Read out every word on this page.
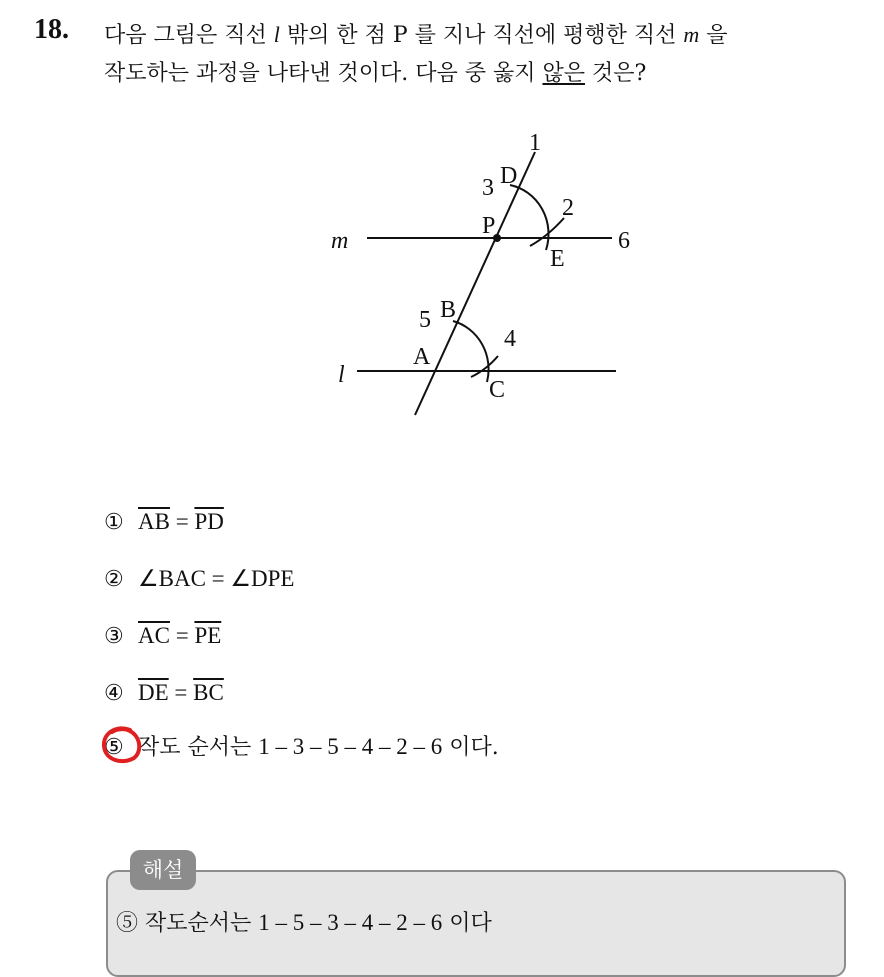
18. 다음 그림은 직선 l 밖의 한 점 P 를 지나 직선에 평행한 직선 m 을
작도하는 과정을 나타낸 것이다. 다음 중 옳지 않은 것은?
m
l
P
D
E
A
B
C
1
2
3
4
5
6
① $\overline{AB} = \overline{PD}$
② ∠BAC = ∠DPE
③ $\overline{AC} = \overline{PE}$
④ $\overline{DE} = \overline{BC}$
⑤ 작도 순서는 1 – 3 – 5 – 4 – 2 – 6 이다.
해설
⑤ 작도순서는 1 – 5 – 3 – 4 – 2 – 6 이다
